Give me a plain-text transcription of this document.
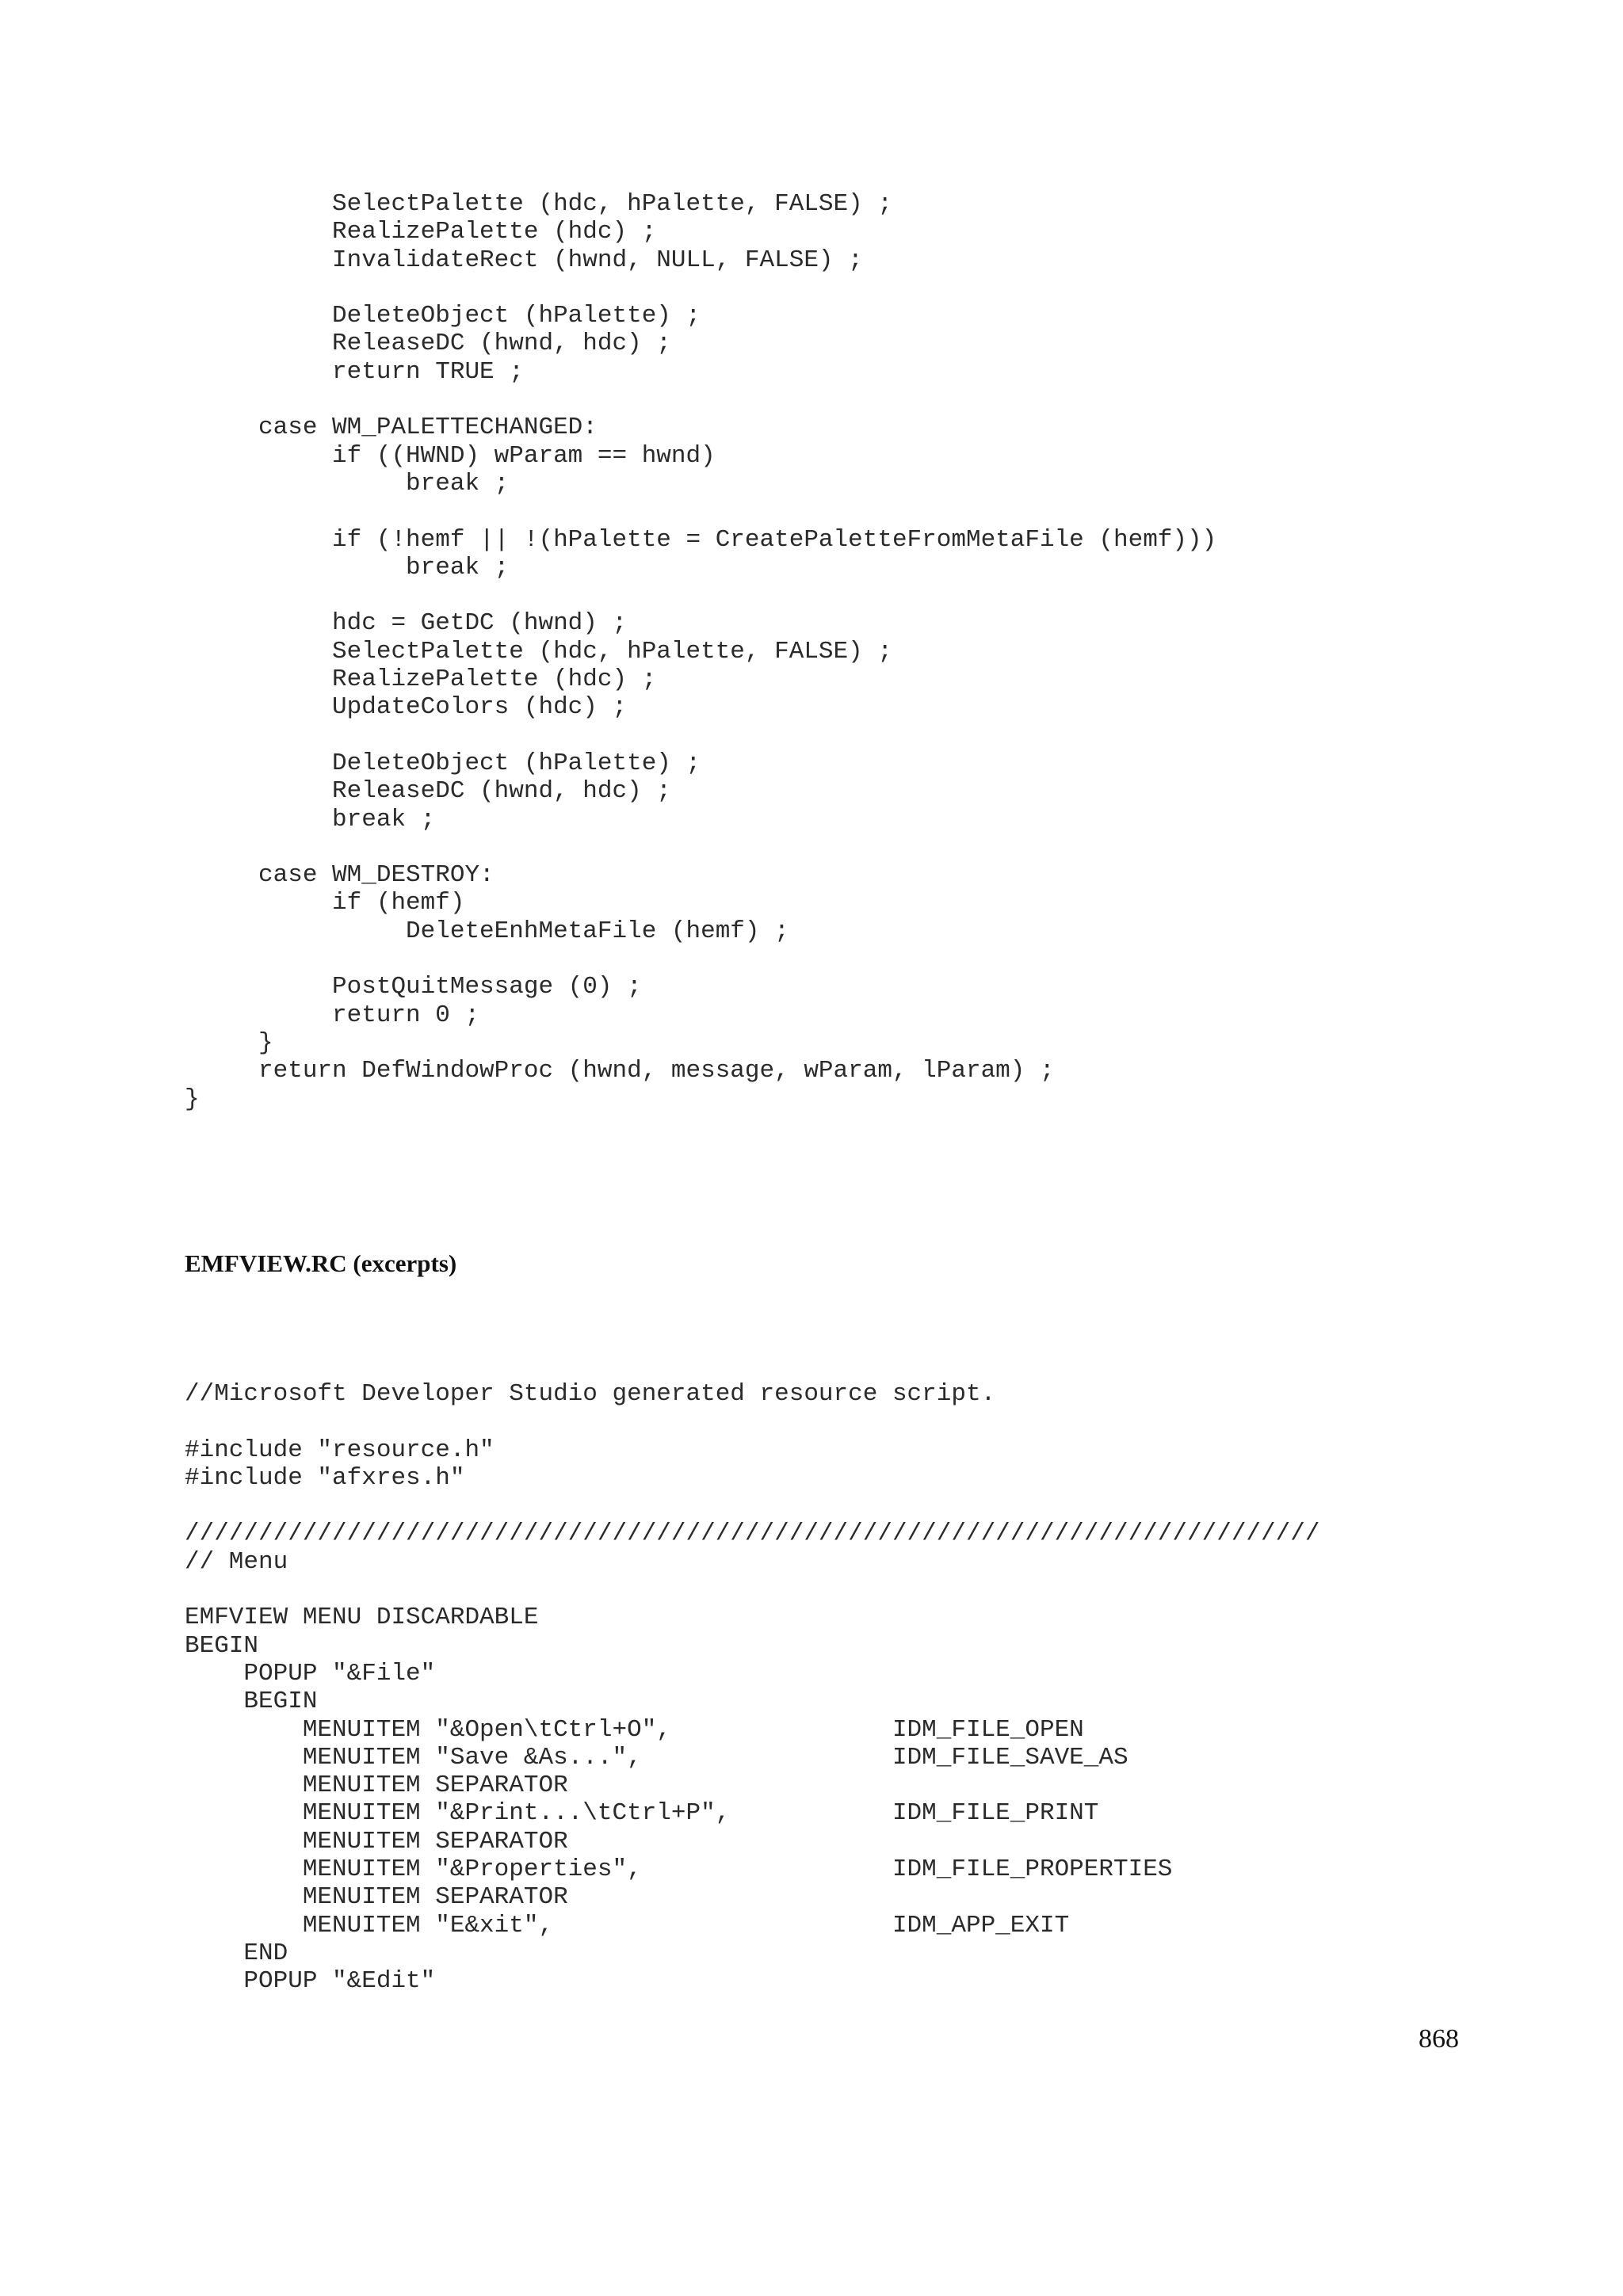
SelectPalette (hdc, hPalette, FALSE) ;
RealizePalette (hdc) ;
InvalidateRect (hwnd, NULL, FALSE) ;

DeleteObject (hPalette) ;
ReleaseDC (hwnd, hdc) ;
return TRUE ;

case WM_PALETTECHANGED:
if ((HWND) wParam == hwnd)
break ;

if (!hemf || !(hPalette = CreatePaletteFromMetaFile (hemf)))
break ;

hdc = GetDC (hwnd) ;
SelectPalette (hdc, hPalette, FALSE) ;
RealizePalette (hdc) ;
UpdateColors (hdc) ;

DeleteObject (hPalette) ;
ReleaseDC (hwnd, hdc) ;
break ;

case WM_DESTROY:
if (hemf)
DeleteEnhMetaFile (hemf) ;

PostQuitMessage (0) ;
return 0 ;
}
return DefWindowProc (hwnd, message, wParam, lParam) ;
}
EMFVIEW.RC (excerpts)
//Microsoft Developer Studio generated resource script.

#include "resource.h"
#include "afxres.h"

/////////////////////////////////////////////////////////////////////////////
// Menu

EMFVIEW MENU DISCARDABLE
BEGIN
POPUP "&File"
BEGIN
MENUITEM "&Open\tCtrl+O",               IDM_FILE_OPEN
MENUITEM "Save &As...",                 IDM_FILE_SAVE_AS
MENUITEM SEPARATOR
MENUITEM "&Print...\tCtrl+P",           IDM_FILE_PRINT
MENUITEM SEPARATOR
MENUITEM "&Properties",                 IDM_FILE_PROPERTIES
MENUITEM SEPARATOR
MENUITEM "E&xit",                       IDM_APP_EXIT
END
POPUP "&Edit"
868
